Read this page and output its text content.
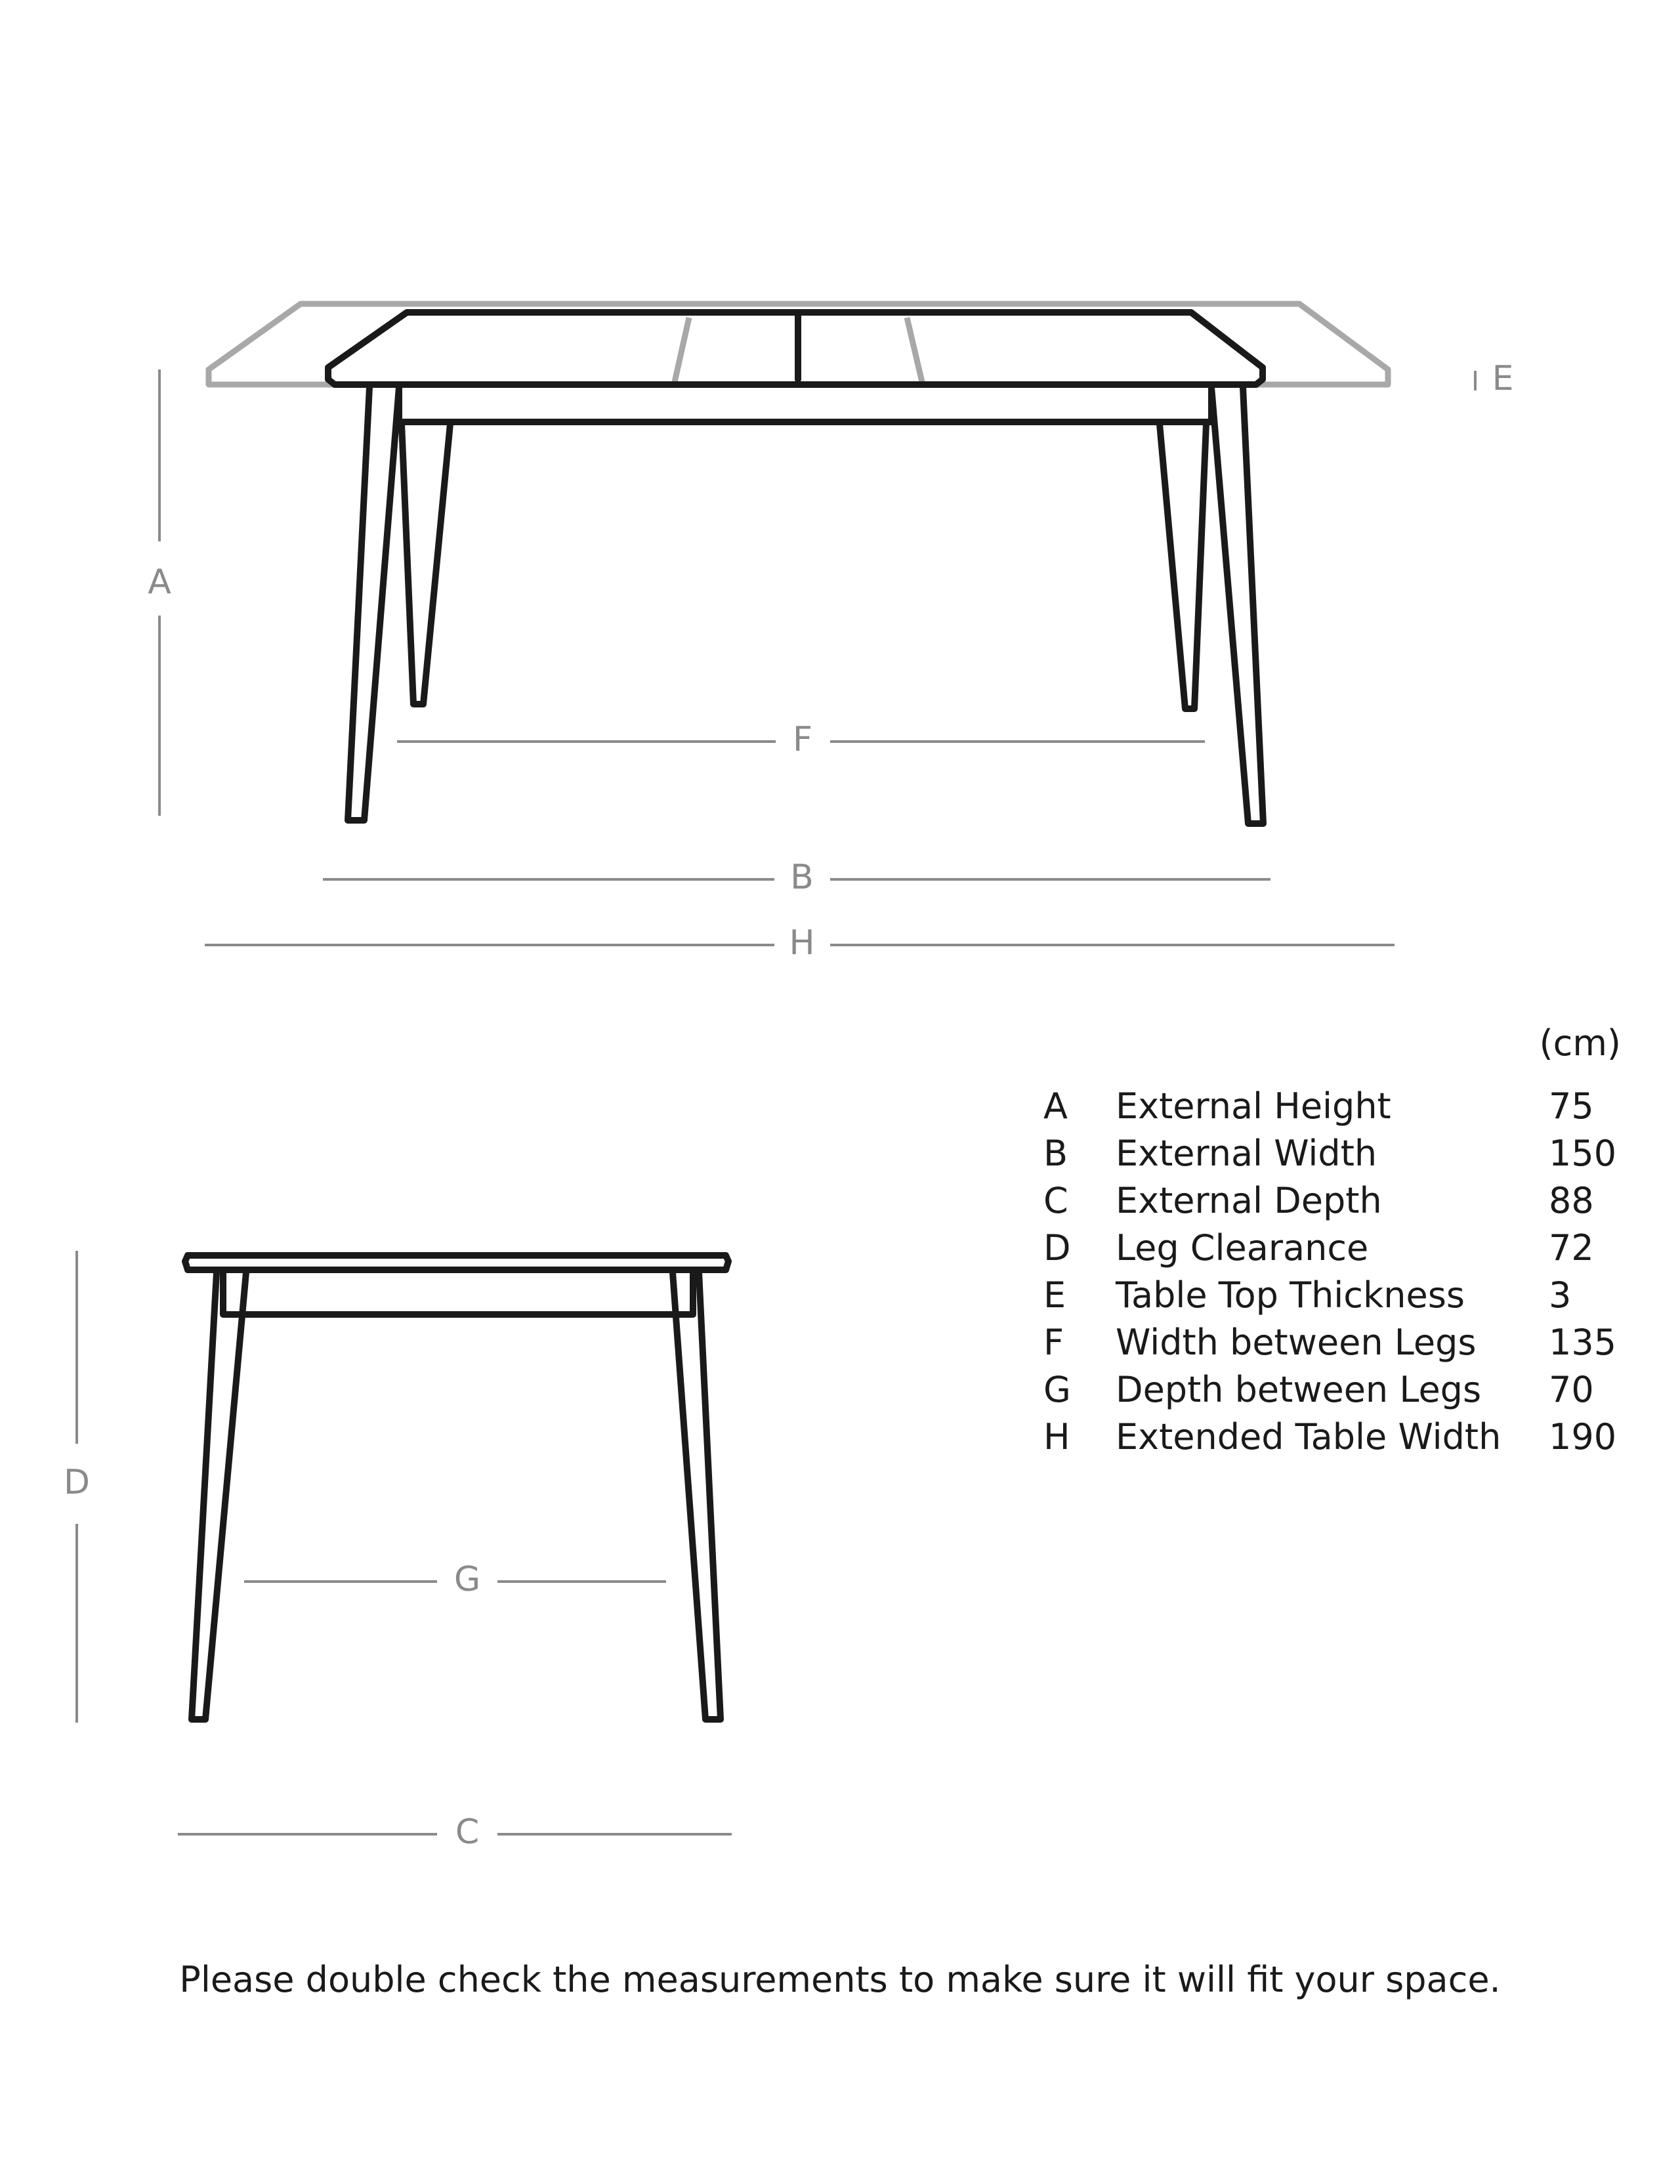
A
E
F
B
H
D
G
C
(cm)
A	External Height	75
B	External Width	150
C	External Depth	88
D	Leg Clearance	72
E	Table Top Thickness	3
F	Width between Legs	135
G	Depth between Legs	70
H	Extended Table Width	190
Please double check the measurements to make sure it will fit your space.
